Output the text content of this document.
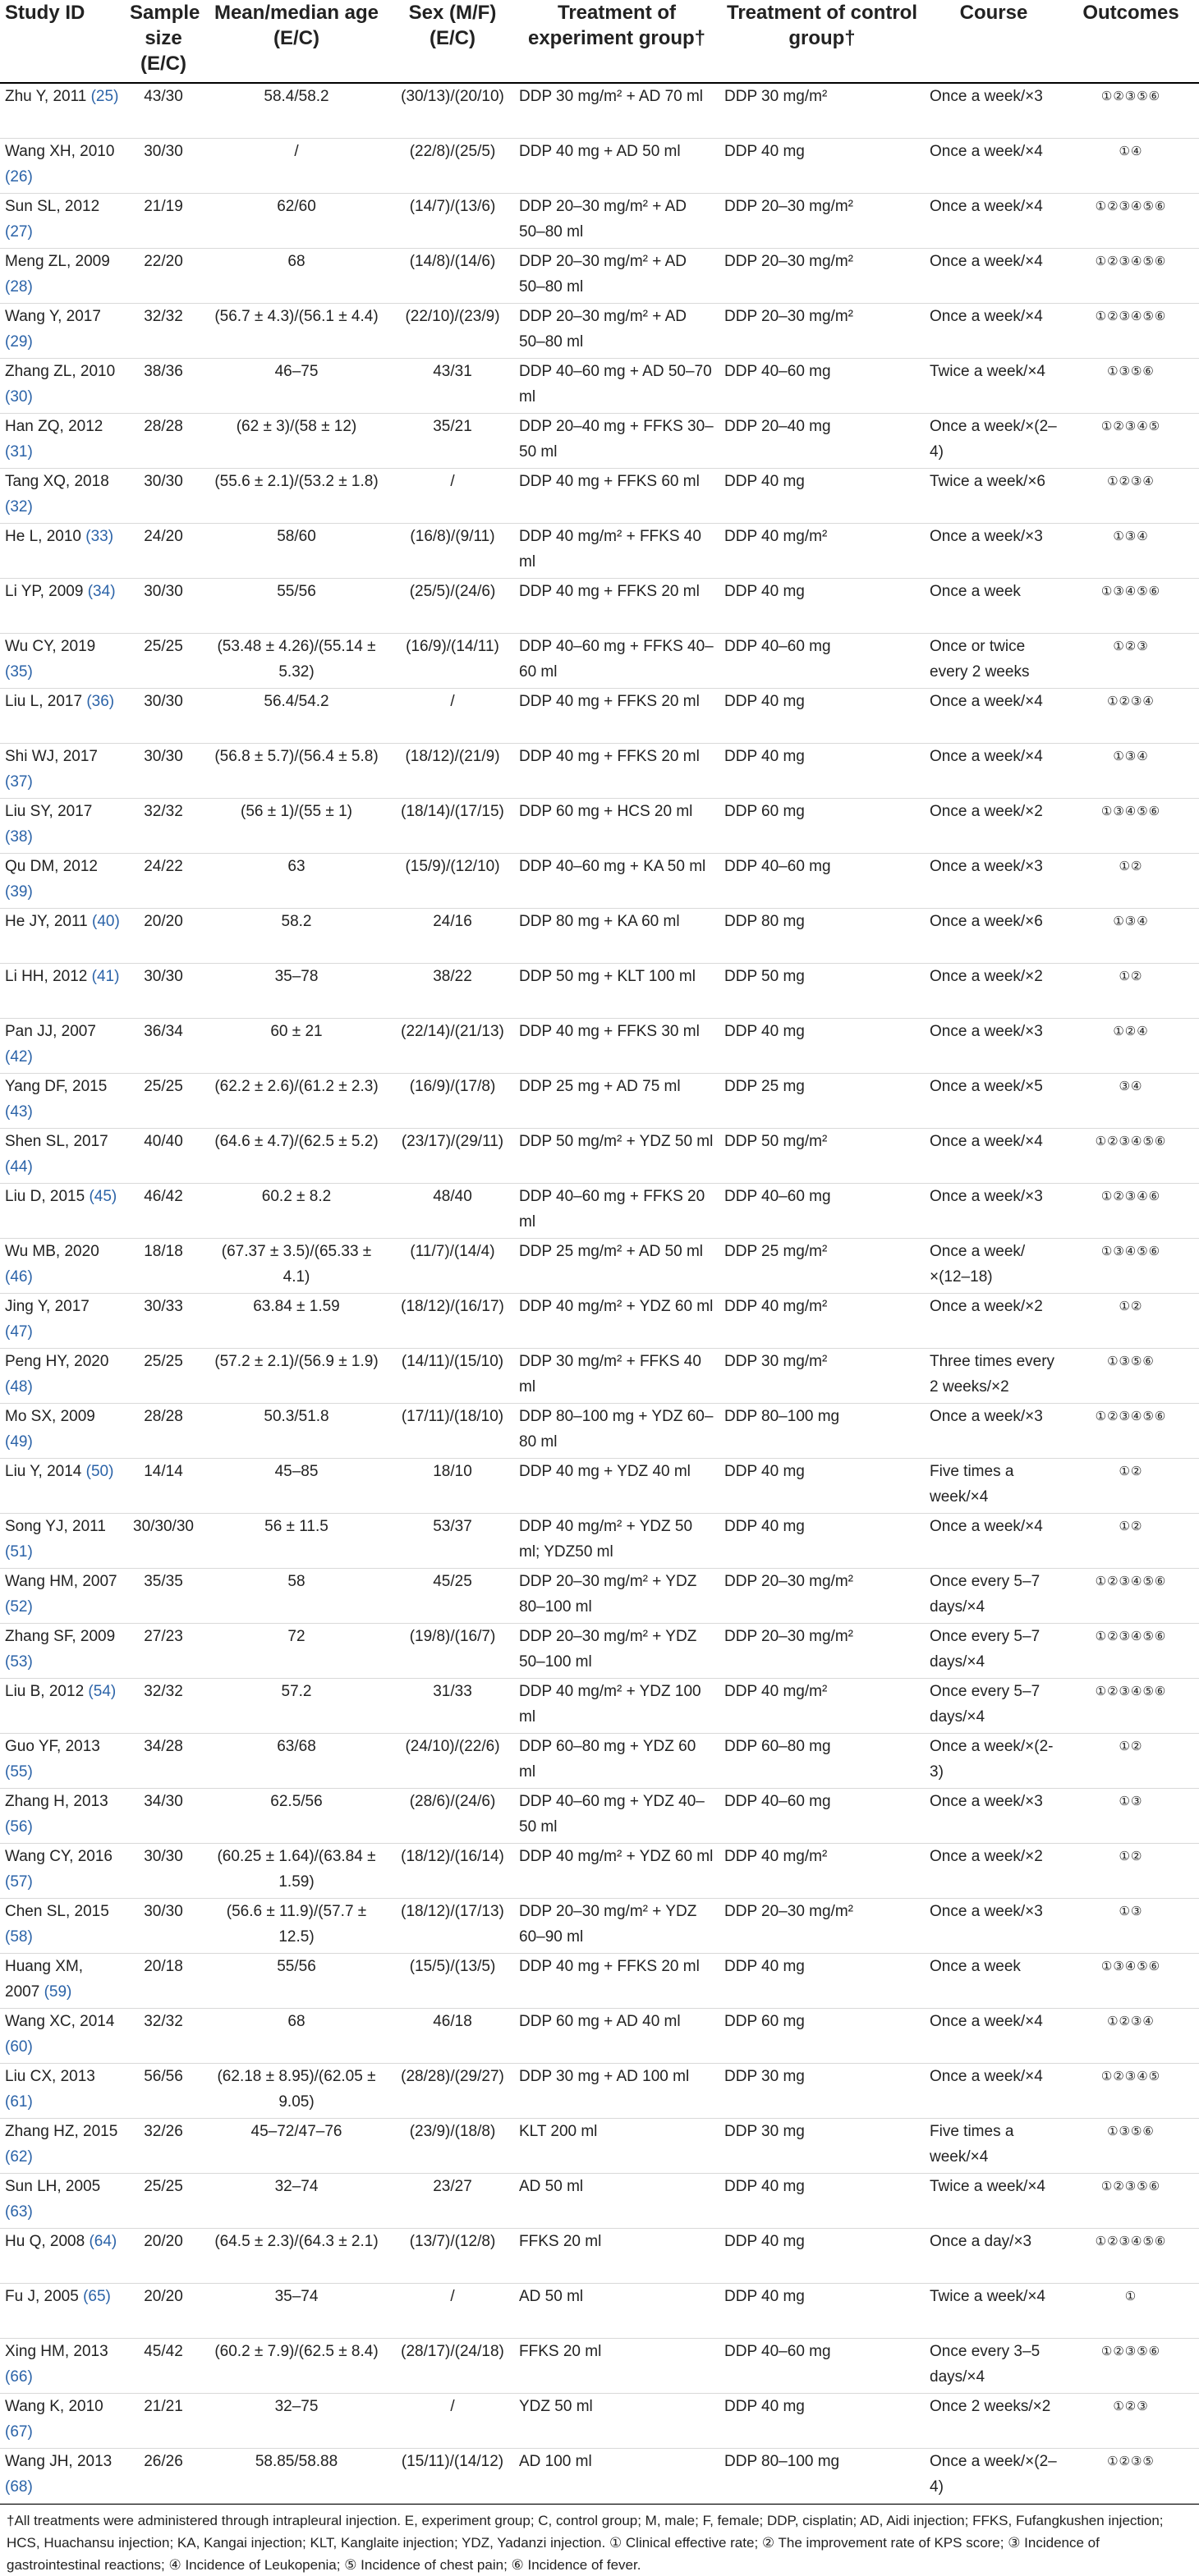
Study ID	Sample size (E/C)	Mean/median age (E/C)	Sex (M/F) (E/C)	Treatment of experiment group†	Treatment of control group†	Course	Outcomes
Zhu Y, 2011 (25)	43/30	58.4/58.2	(30/13)/(20/10)	DDP 30 mg/m² + AD 70 ml	DDP 30 mg/m²	Once a week/×3	①②③⑤⑥
Wang XH, 2010 (26)	30/30	/	(22/8)/(25/5)	DDP 40 mg + AD 50 ml	DDP 40 mg	Once a week/×4	①④
Sun SL, 2012 (27)	21/19	62/60	(14/7)/(13/6)	DDP 20–30 mg/m² + AD 50–80 ml	DDP 20–30 mg/m²	Once a week/×4	①②③④⑤⑥
Meng ZL, 2009 (28)	22/20	68	(14/8)/(14/6)	DDP 20–30 mg/m² + AD 50–80 ml	DDP 20–30 mg/m²	Once a week/×4	①②③④⑤⑥
Wang Y, 2017 (29)	32/32	(56.7 ± 4.3)/(56.1 ± 4.4)	(22/10)/(23/9)	DDP 20–30 mg/m² + AD 50–80 ml	DDP 20–30 mg/m²	Once a week/×4	①②③④⑤⑥
Zhang ZL, 2010 (30)	38/36	46–75	43/31	DDP 40–60 mg + AD 50–70 ml	DDP 40–60 mg	Twice a week/×4	①③⑤⑥
Han ZQ, 2012 (31)	28/28	(62 ± 3)/(58 ± 12)	35/21	DDP 20–40 mg + FFKS 30–50 ml	DDP 20–40 mg	Once a week/×(2–4)	①②③④⑤
Tang XQ, 2018 (32)	30/30	(55.6 ± 2.1)/(53.2 ± 1.8)	/	DDP 40 mg + FFKS 60 ml	DDP 40 mg	Twice a week/×6	①②③④
He L, 2010 (33)	24/20	58/60	(16/8)/(9/11)	DDP 40 mg/m² + FFKS 40 ml	DDP 40 mg/m²	Once a week/×3	①③④
Li YP, 2009 (34)	30/30	55/56	(25/5)/(24/6)	DDP 40 mg + FFKS 20 ml	DDP 40 mg	Once a week	①③④⑤⑥
Wu CY, 2019 (35)	25/25	(53.48 ± 4.26)/(55.14 ± 5.32)	(16/9)/(14/11)	DDP 40–60 mg + FFKS 40–60 ml	DDP 40–60 mg	Once or twice every 2 weeks	①②③
Liu L, 2017 (36)	30/30	56.4/54.2	/	DDP 40 mg + FFKS 20 ml	DDP 40 mg	Once a week/×4	①②③④
Shi WJ, 2017 (37)	30/30	(56.8 ± 5.7)/(56.4 ± 5.8)	(18/12)/(21/9)	DDP 40 mg + FFKS 20 ml	DDP 40 mg	Once a week/×4	①③④
Liu SY, 2017 (38)	32/32	(56 ± 1)/(55 ± 1)	(18/14)/(17/15)	DDP 60 mg + HCS 20 ml	DDP 60 mg	Once a week/×2	①③④⑤⑥
Qu DM, 2012 (39)	24/22	63	(15/9)/(12/10)	DDP 40–60 mg + KA 50 ml	DDP 40–60 mg	Once a week/×3	①②
He JY, 2011 (40)	20/20	58.2	24/16	DDP 80 mg + KA 60 ml	DDP 80 mg	Once a week/×6	①③④
Li HH, 2012 (41)	30/30	35–78	38/22	DDP 50 mg + KLT 100 ml	DDP 50 mg	Once a week/×2	①②
Pan JJ, 2007 (42)	36/34	60 ± 21	(22/14)/(21/13)	DDP 40 mg + FFKS 30 ml	DDP 40 mg	Once a week/×3	①②④
Yang DF, 2015 (43)	25/25	(62.2 ± 2.6)/(61.2 ± 2.3)	(16/9)/(17/8)	DDP 25 mg + AD 75 ml	DDP 25 mg	Once a week/×5	③④
Shen SL, 2017 (44)	40/40	(64.6 ± 4.7)/(62.5 ± 5.2)	(23/17)/(29/11)	DDP 50 mg/m² + YDZ 50 ml	DDP 50 mg/m²	Once a week/×4	①②③④⑤⑥
Liu D, 2015 (45)	46/42	60.2 ± 8.2	48/40	DDP 40–60 mg + FFKS 20 ml	DDP 40–60 mg	Once a week/×3	①②③④⑥
Wu MB, 2020 (46)	18/18	(67.37 ± 3.5)/(65.33 ± 4.1)	(11/7)/(14/4)	DDP 25 mg/m² + AD 50 ml	DDP 25 mg/m²	Once a week/×(12–18)	①③④⑤⑥
Jing Y, 2017 (47)	30/33	63.84 ± 1.59	(18/12)/(16/17)	DDP 40 mg/m² + YDZ 60 ml	DDP 40 mg/m²	Once a week/×2	①②
Peng HY, 2020 (48)	25/25	(57.2 ± 2.1)/(56.9 ± 1.9)	(14/11)/(15/10)	DDP 30 mg/m² + FFKS 40 ml	DDP 30 mg/m²	Three times every 2 weeks/×2	①③⑤⑥
Mo SX, 2009 (49)	28/28	50.3/51.8	(17/11)/(18/10)	DDP 80–100 mg + YDZ 60–80 ml	DDP 80–100 mg	Once a week/×3	①②③④⑤⑥
Liu Y, 2014 (50)	14/14	45–85	18/10	DDP 40 mg + YDZ 40 ml	DDP 40 mg	Five times a week/×4	①②
Song YJ, 2011 (51)	30/30/30	56 ± 11.5	53/37	DDP 40 mg/m² + YDZ 50 ml; YDZ50 ml	DDP 40 mg	Once a week/×4	①②
Wang HM, 2007 (52)	35/35	58	45/25	DDP 20–30 mg/m² + YDZ 80–100 ml	DDP 20–30 mg/m²	Once every 5–7 days/×4	①②③④⑤⑥
Zhang SF, 2009 (53)	27/23	72	(19/8)/(16/7)	DDP 20–30 mg/m² + YDZ 50–100 ml	DDP 20–30 mg/m²	Once every 5–7 days/×4	①②③④⑤⑥
Liu B, 2012 (54)	32/32	57.2	31/33	DDP 40 mg/m² + YDZ 100 ml	DDP 40 mg/m²	Once every 5–7 days/×4	①②③④⑤⑥
Guo YF, 2013 (55)	34/28	63/68	(24/10)/(22/6)	DDP 60–80 mg + YDZ 60 ml	DDP 60–80 mg	Once a week/×(2-3)	①②
Zhang H, 2013 (56)	34/30	62.5/56	(28/6)/(24/6)	DDP 40–60 mg + YDZ 40–50 ml	DDP 40–60 mg	Once a week/×3	①③
Wang CY, 2016 (57)	30/30	(60.25 ± 1.64)/(63.84 ± 1.59)	(18/12)/(16/14)	DDP 40 mg/m² + YDZ 60 ml	DDP 40 mg/m²	Once a week/×2	①②
Chen SL, 2015 (58)	30/30	(56.6 ± 11.9)/(57.7 ± 12.5)	(18/12)/(17/13)	DDP 20–30 mg/m² + YDZ 60–90 ml	DDP 20–30 mg/m²	Once a week/×3	①③
Huang XM, 2007 (59)	20/18	55/56	(15/5)/(13/5)	DDP 40 mg + FFKS 20 ml	DDP 40 mg	Once a week	①③④⑤⑥
Wang XC, 2014 (60)	32/32	68	46/18	DDP 60 mg + AD 40 ml	DDP 60 mg	Once a week/×4	①②③④
Liu CX, 2013 (61)	56/56	(62.18 ± 8.95)/(62.05 ± 9.05)	(28/28)/(29/27)	DDP 30 mg + AD 100 ml	DDP 30 mg	Once a week/×4	①②③④⑤
Zhang HZ, 2015 (62)	32/26	45–72/47–76	(23/9)/(18/8)	KLT 200 ml	DDP 30 mg	Five times a week/×4	①③⑤⑥
Sun LH, 2005 (63)	25/25	32–74	23/27	AD 50 ml	DDP 40 mg	Twice a week/×4	①②③⑤⑥
Hu Q, 2008 (64)	20/20	(64.5 ± 2.3)/(64.3 ± 2.1)	(13/7)/(12/8)	FFKS 20 ml	DDP 40 mg	Once a day/×3	①②③④⑤⑥
Fu J, 2005 (65)	20/20	35–74	/	AD 50 ml	DDP 40 mg	Twice a week/×4	①
Xing HM, 2013 (66)	45/42	(60.2 ± 7.9)/(62.5 ± 8.4)	(28/17)/(24/18)	FFKS 20 ml	DDP 40–60 mg	Once every 3–5 days/×4	①②③⑤⑥
Wang K, 2010 (67)	21/21	32–75	/	YDZ 50 ml	DDP 40 mg	Once 2 weeks/×2	①②③
Wang JH, 2013 (68)	26/26	58.85/58.88	(15/11)/(14/12)	AD 100 ml	DDP 80–100 mg	Once a week/×(2–4)	①②③⑤
†All treatments were administered through intrapleural injection. E, experiment group; C, control group; M, male; F, female; DDP, cisplatin; AD, Aidi injection; FFKS, Fufangkushen injection; HCS, Huachansu injection; KA, Kangai injection; KLT, Kanglaite injection; YDZ, Yadanzi injection. ① Clinical effective rate; ② The improvement rate of KPS score; ③ Incidence of gastrointestinal reactions; ④ Incidence of Leukopenia; ⑤ Incidence of chest pain; ⑥ Incidence of fever.
